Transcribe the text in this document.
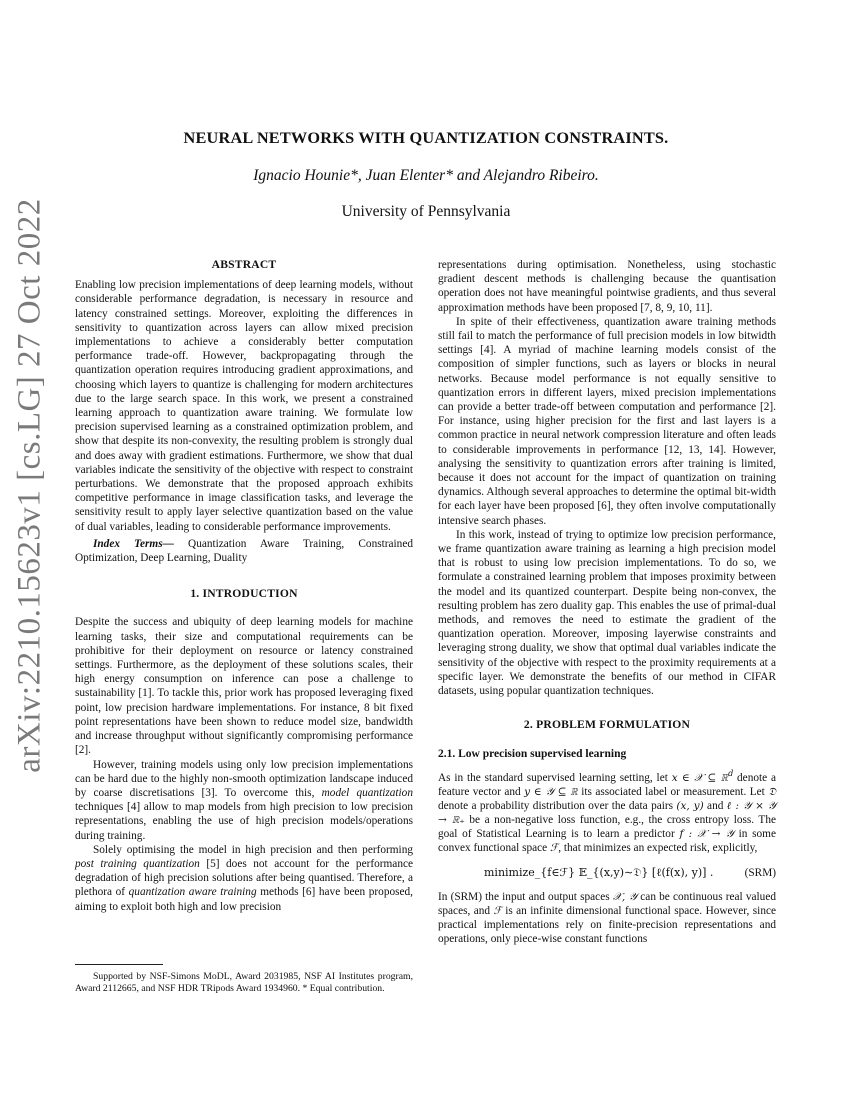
arXiv:2210.15623v1 [cs.LG] 27 Oct 2022
NEURAL NETWORKS WITH QUANTIZATION CONSTRAINTS.
Ignacio Hounie*, Juan Elenter* and Alejandro Ribeiro.
University of Pennsylvania
ABSTRACT

Enabling low precision implementations of deep learning models, without considerable performance degradation, is necessary in resource and latency constrained settings. Moreover, exploiting the differences in sensitivity to quantization across layers can allow mixed precision implementations to achieve a considerably better computation performance trade-off. However, backpropagating through the quantization operation requires introducing gradient approximations, and choosing which layers to quantize is challenging for modern architectures due to the large search space. In this work, we present a constrained learning approach to quantization aware training. We formulate low precision supervised learning as a constrained optimization problem, and show that despite its non-convexity, the resulting problem is strongly dual and does away with gradient estimations. Furthermore, we show that dual variables indicate the sensitivity of the objective with respect to constraint perturbations. We demonstrate that the proposed approach exhibits competitive performance in image classification tasks, and leverage the sensitivity result to apply layer selective quantization based on the value of dual variables, leading to considerable performance improvements.

Index Terms— Quantization Aware Training, Constrained Optimization, Deep Learning, Duality

1. INTRODUCTION

Despite the success and ubiquity of deep learning models for machine learning tasks, their size and computational requirements can be prohibitive for their deployment on resource or latency constrained settings. Furthermore, as the deployment of these solutions scales, their high energy consumption on inference can pose a challenge to sustainability [1]. To tackle this, prior work has proposed leveraging fixed point, low precision hardware implementations. For instance, 8 bit fixed point representations have been shown to reduce model size, bandwidth and increase throughput without significantly compromising performance [2].

However, training models using only low precision implementations can be hard due to the highly non-smooth optimization landscape induced by coarse discretisations [3]. To overcome this, model quantization techniques [4] allow to map models from high precision to low precision representations, enabling the use of high precision models/operations during training.

Solely optimising the model in high precision and then performing post training quantization [5] does not account for the performance degradation of high precision solutions after being quantised. Therefore, a plethora of quantization aware training methods [6] have been proposed, aiming to exploit both high and low precision

Supported by NSF-Simons MoDL, Award 2031985, NSF AI Institutes program, Award 2112665, and NSF HDR TRipods Award 1934960. * Equal contribution.

representations during optimisation. Nonetheless, using stochastic gradient descent methods is challenging because the quantisation operation does not have meaningful pointwise gradients, and thus several approximation methods have been proposed [7, 8, 9, 10, 11].

In spite of their effectiveness, quantization aware training methods still fail to match the performance of full precision models in low bitwidth settings [4]. A myriad of machine learning models consist of the composition of simpler functions, such as layers or blocks in neural networks. Because model performance is not equally sensitive to quantization errors in different layers, mixed precision implementations can provide a better trade-off between computation and performance [2]. For instance, using higher precision for the first and last layers is a common practice in neural network compression literature and often leads to considerable improvements in performance [12, 13, 14]. However, analysing the sensitivity to quantization errors after training is limited, because it does not account for the impact of quantization on training dynamics. Although several approaches to determine the optimal bit-width for each layer have been proposed [6], they often involve computationally intensive search phases.

In this work, instead of trying to optimize low precision performance, we frame quantization aware training as learning a high precision model that is robust to using low precision implementations. To do so, we formulate a constrained learning problem that imposes proximity between the model and its quantized counterpart. Despite being non-convex, the resulting problem has zero duality gap. This enables the use of primal-dual methods, and removes the need to estimate the gradient of the quantization operation. Moreover, imposing layerwise constraints and leveraging strong duality, we show that optimal dual variables indicate the sensitivity of the objective with respect to the proximity requirements at a specific layer. We demonstrate the benefits of our method in CIFAR datasets, using popular quantization techniques.

2. PROBLEM FORMULATION
2.1. Low precision supervised learning

As in the standard supervised learning setting, let x ∈ 𝒳 ⊆ ℝ$^d$ denote a feature vector and y ∈ 𝒴 ⊆ ℝ its associated label or measurement. Let 𝔇 denote a probability distribution over the data pairs (x, y) and ℓ : 𝒴 × 𝒴 → ℝ₊ be a non-negative loss function, e.g., the cross entropy loss. The goal of Statistical Learning is to learn a predictor f : 𝒳 → 𝒴 in some convex functional space ℱ, that minimizes an expected risk, explicitly,

minimize_{f∈ℱ} 𝔼_{(x,y)∼𝔇} [ℓ(f(x), y)] .	(SRM)

In (SRM) the input and output spaces 𝒳, 𝒴 can be continuous real valued spaces, and ℱ is an infinite dimensional functional space. However, since practical implementations rely on finite-precision representations and operations, only piece-wise constant functions
